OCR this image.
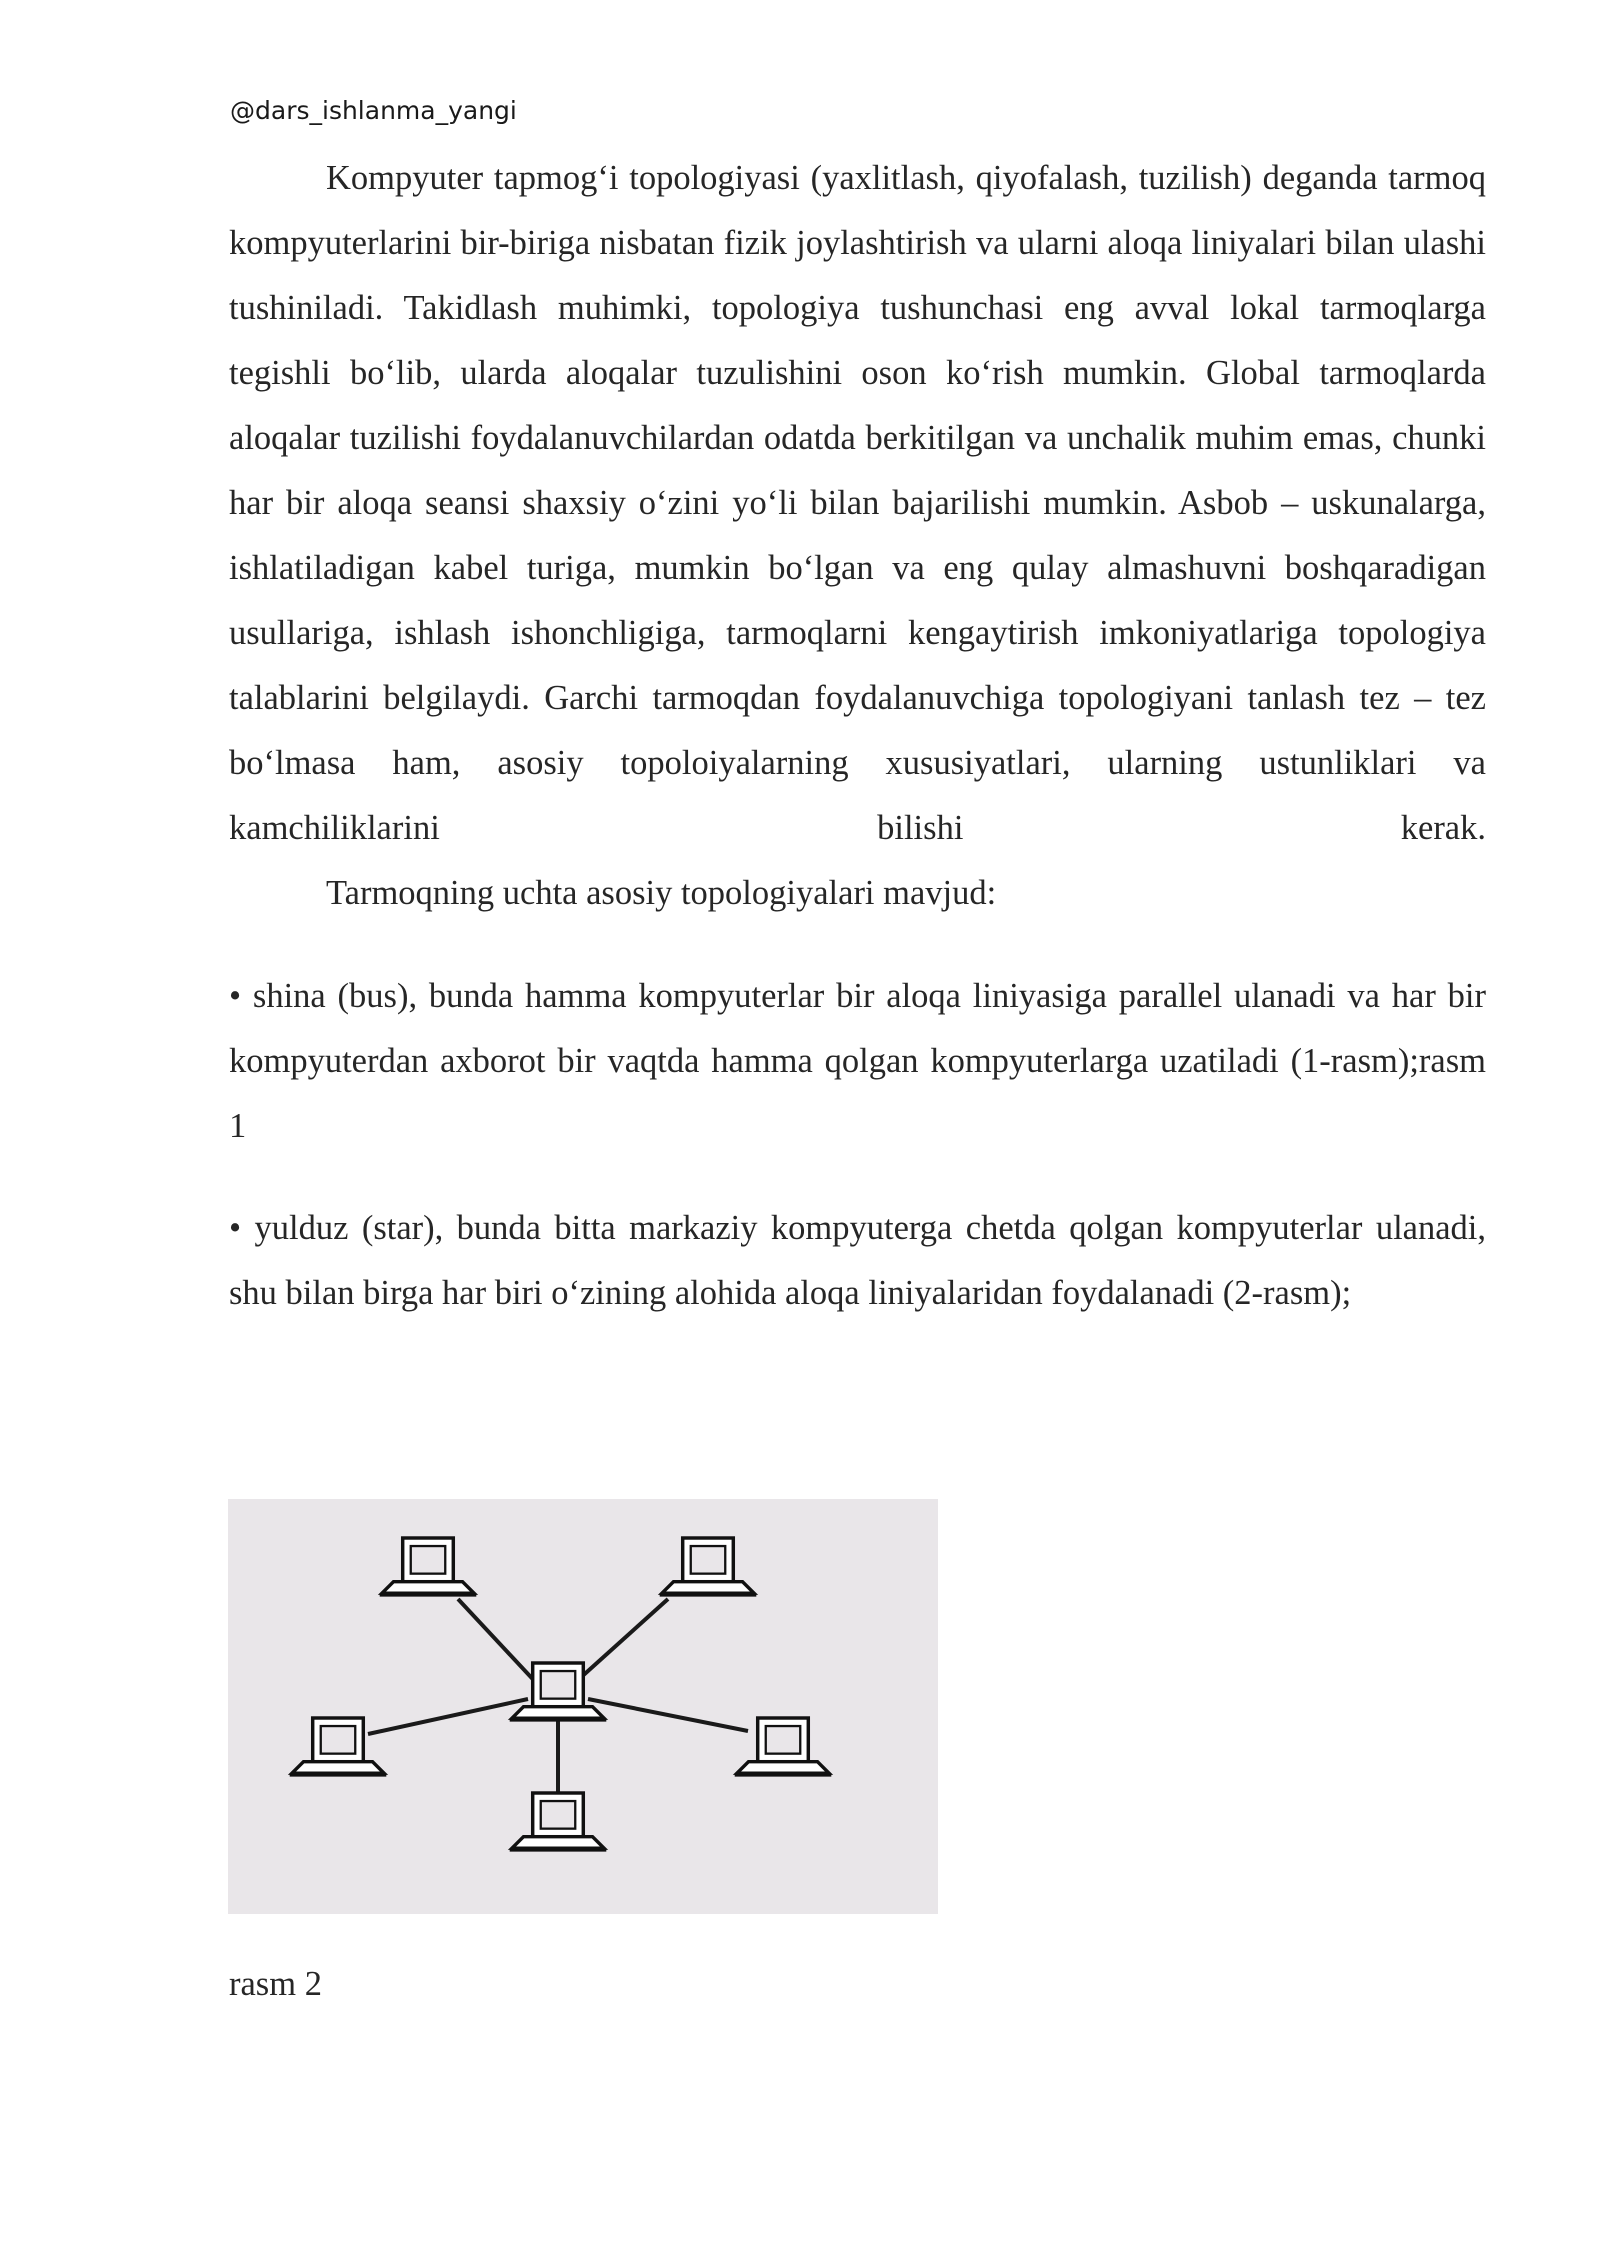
@dars_ishlanma_yangi

Kompyuter tapmog‘i topologiyasi (yaxlitlash, qiyofalash, tuzilish) deganda tarmoq kompyuterlarini bir-biriga nisbatan fizik joylashtirish va ularni aloqa liniyalari bilan ulashi tushiniladi. Takidlash muhimki, topologiya tushunchasi eng avval lokal tarmoqlarga tegishli bo‘lib, ularda aloqalar tuzulishini oson ko‘rish mumkin. Global tarmoqlarda aloqalar tuzilishi foydalanuvchilardan odatda berkitilgan va unchalik muhim emas, chunki har bir aloqa seansi shaxsiy o‘zini yo‘li bilan bajarilishi mumkin. Asbob – uskunalarga, ishlatiladigan kabel turiga, mumkin bo‘lgan va eng qulay almashuvni boshqaradigan usullariga, ishlash ishonchligiga, tarmoqlarni kengaytirish imkoniyatlariga topologiya talablarini belgilaydi. Garchi tarmoqdan foydalanuvchiga topologiyani tanlash tez – tez bo‘lmasa ham, asosiy topoloiyalarning xususiyatlari, ularning ustunliklari va kamchiliklarini bilishi kerak.

Tarmoqning uchta asosiy topologiyalari mavjud:

• shina (bus), bunda hamma kompyuterlar bir aloqa liniyasiga parallel ulanadi va har bir kompyuterdan axborot bir vaqtda hamma qolgan kompyuterlarga uzatiladi (1-rasm);rasm 1

• yulduz (star), bunda bitta markaziy kompyuterga chetda qolgan kompyuterlar ulanadi, shu bilan birga har biri o‘zining alohida aloqa liniyalaridan foydalanadi (2-rasm);

rasm 2
